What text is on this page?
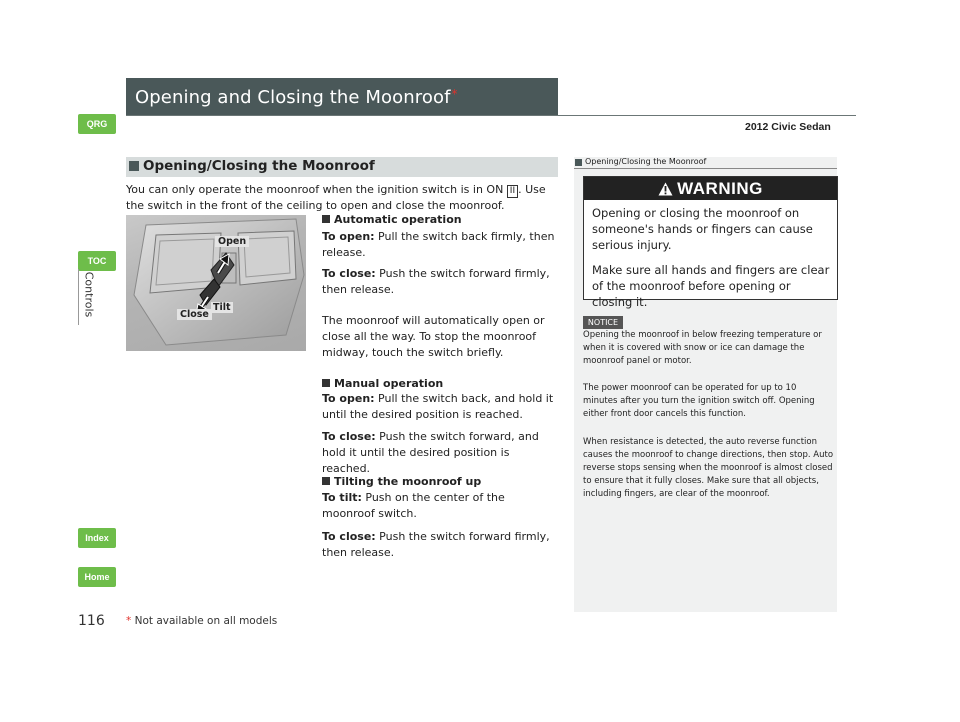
Opening and Closing the Moonroof*
2012 Civic Sedan
QRG
TOC
Controls
Index
Home
Opening/Closing the Moonroof
You can only operate the moonroof when the ignition switch is in ON II . Use the switch in the front of the ceiling to open and close the moonroof.
Open
Tilt
Close
Automatic operation
To open: Pull the switch back firmly, then release.
To close: Push the switch forward firmly, then release.
The moonroof will automatically open or close all the way. To stop the moonroof midway, touch the switch briefly.
Manual operation
To open: Pull the switch back, and hold it until the desired position is reached.
To close: Push the switch forward, and hold it until the desired position is reached.
Tilting the moonroof up
To tilt: Push on the center of the moonroof switch.
To close: Push the switch forward firmly, then release.
Opening/Closing the Moonroof
WARNING
Opening or closing the moonroof on someone's hands or fingers can cause serious injury.
Make sure all hands and fingers are clear of the moonroof before opening or closing it.
NOTICE
Opening the moonroof in below freezing temperature or when it is covered with snow or ice can damage the moonroof panel or motor.
The power moonroof can be operated for up to 10 minutes after you turn the ignition switch off. Opening either front door cancels this function.
When resistance is detected, the auto reverse function causes the moonroof to change directions, then stop. Auto reverse stops sensing when the moonroof is almost closed to ensure that it fully closes. Make sure that all objects, including fingers, are clear of the moonroof.
116 * Not available on all models
